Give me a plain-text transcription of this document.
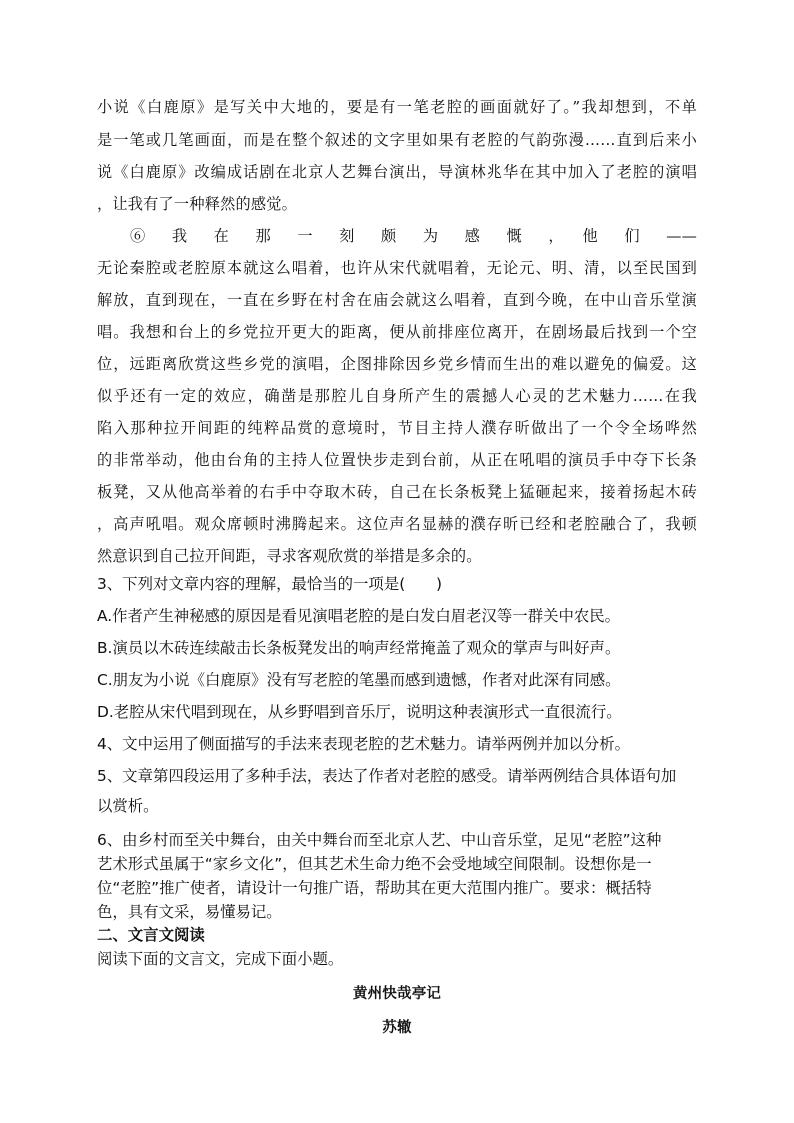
小说《白鹿原》是写关中大地的，要是有一笔老腔的画面就好了。”我却想到，不单
是一笔或几笔画面，而是在整个叙述的文字里如果有老腔的气韵弥漫……直到后来小
说《白鹿原》改编成话剧在北京人艺舞台演出，导演林兆华在其中加入了老腔的演唱
，让我有了一种释然的感觉。
⑥　我　在　那　一　刻　颇　为　感　慨　，　他　们　——
无论秦腔或老腔原本就这么唱着，也许从宋代就唱着，无论元、明、清，以至民国到
解放，直到现在，一直在乡野在村舍在庙会就这么唱着，直到今晚，在中山音乐堂演
唱。我想和台上的乡党拉开更大的距离，便从前排座位离开，在剧场最后找到一个空
位，远距离欣赏这些乡党的演唱，企图排除因乡党乡情而生出的难以避免的偏爱。这
似乎还有一定的效应，确凿是那腔儿自身所产生的震撼人心灵的艺术魅力……在我
陷入那种拉开间距的纯粹品赏的意境时，节目主持人濮存昕做出了一个令全场哗然
的非常举动，他由台角的主持人位置快步走到台前，从正在吼唱的演员手中夺下长条
板凳，又从他高举着的右手中夺取木砖，自己在长条板凳上猛砸起来，接着扬起木砖
，高声吼唱。观众席顿时沸腾起来。这位声名显赫的濮存昕已经和老腔融合了，我顿
然意识到自己拉开间距，寻求客观欣赏的举措是多余的。
3、下列对文章内容的理解，最恰当的一项是(　　)
A.作者产生神秘感的原因是看见演唱老腔的是白发白眉老汉等一群关中农民。
B.演员以木砖连续敲击长条板凳发出的响声经常掩盖了观众的掌声与叫好声。
C.朋友为小说《白鹿原》没有写老腔的笔墨而感到遗憾，作者对此深有同感。
D.老腔从宋代唱到现在，从乡野唱到音乐厅，说明这种表演形式一直很流行。
4、文中运用了侧面描写的手法来表现老腔的艺术魅力。请举两例并加以分析。
5、文章第四段运用了多种手法，表达了作者对老腔的感受。请举两例结合具体语句加
以赏析。
6、由乡村而至关中舞台，由关中舞台而至北京人艺、中山音乐堂，足见“老腔”这种
艺术形式虽属于“家乡文化”，但其艺术生命力绝不会受地域空间限制。设想你是一
位“老腔”推广使者，请设计一句推广语，帮助其在更大范围内推广。要求：概括特
色，具有文采，易懂易记。
二、文言文阅读
阅读下面的文言文，完成下面小题。
黄州快哉亭记
苏辙
